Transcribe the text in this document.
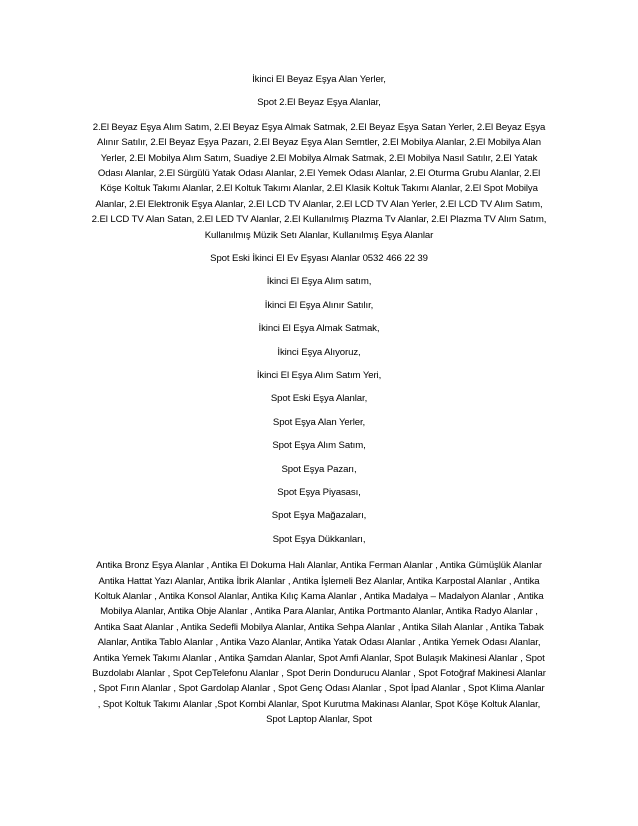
İkinci El Beyaz Eşya Alan Yerler,
Spot 2.El Beyaz Eşya Alanlar,
2.El Beyaz Eşya Alım Satım, 2.El Beyaz Eşya Almak Satmak, 2.El Beyaz Eşya Satan Yerler, 2.El Beyaz Eşya Alınır Satılır, 2.El Beyaz Eşya Pazarı, 2.El Beyaz Eşya Alan Semtler, 2.El Mobilya Alanlar, 2.El Mobilya Alan Yerler, 2.El Mobilya Alım Satım, Suadiye 2.El Mobilya Almak Satmak, 2.El Mobilya Nasıl Satılır, 2.El Yatak Odası Alanlar, 2.El Sürgülü Yatak Odası Alanlar, 2.El Yemek Odası Alanlar, 2.El Oturma Grubu Alanlar, 2.El Köşe Koltuk Takımı Alanlar, 2.El Koltuk Takımı Alanlar, 2.El Klasik Koltuk Takımı Alanlar, 2.El Spot Mobilya Alanlar, 2.El Elektronik Eşya Alanlar, 2.El LCD TV Alanlar, 2.El LCD TV Alan Yerler, 2.El LCD TV Alım Satım, 2.El LCD TV Alan Satan, 2.El LED TV Alanlar, 2.El Kullanılmış Plazma Tv Alanlar, 2.El Plazma TV Alım Satım, Kullanılmış Müzik Setı Alanlar, Kullanılmış Eşya Alanlar
Spot Eski İkinci El Ev Eşyası Alanlar 0532 466 22 39
İkinci El Eşya Alım satım,
İkinci El Eşya Alınır Satılır,
İkinci El Eşya Almak Satmak,
İkinci Eşya Alıyoruz,
İkinci El Eşya Alım Satım Yeri,
Spot Eski Eşya Alanlar,
Spot Eşya Alan Yerler,
Spot Eşya Alım Satım,
Spot Eşya Pazarı,
Spot Eşya Piyasası,
Spot Eşya Mağazaları,
Spot Eşya Dükkanları,
Antika Bronz Eşya Alanlar , Antika El Dokuma Halı Alanlar, Antika Ferman Alanlar , Antika Gümüşlük Alanlar Antika Hattat Yazı Alanlar, Antika İbrik Alanlar , Antika İşlemeli Bez Alanlar, Antika Karpostal Alanlar , Antika Koltuk Alanlar , Antika Konsol Alanlar, Antika Kılıç Kama Alanlar , Antika Madalya – Madalyon Alanlar , Antika Mobilya Alanlar, Antika Obje Alanlar , Antika Para Alanlar, Antika Portmanto Alanlar, Antika Radyo Alanlar , Antika Saat Alanlar , Antika Sedefli Mobilya Alanlar, Antika Sehpa Alanlar , Antika Silah Alanlar , Antika Tabak Alanlar, Antika Tablo Alanlar , Antika Vazo Alanlar, Antika Yatak Odası Alanlar , Antika Yemek Odası Alanlar, Antika Yemek Takımı Alanlar , Antika Şamdan Alanlar, Spot Amfi Alanlar, Spot Bulaşık Makinesi Alanlar , Spot Buzdolabı Alanlar , Spot CepTelefonu Alanlar , Spot Derin Dondurucu Alanlar , Spot Fotoğraf Makinesi Alanlar , Spot Fırın Alanlar , Spot Gardolap Alanlar , Spot Genç Odası Alanlar , Spot İpad Alanlar , Spot Klima Alanlar , Spot Koltuk Takımı Alanlar ,Spot Kombi Alanlar, Spot Kurutma Makinası Alanlar, Spot Köşe Koltuk Alanlar, Spot Laptop Alanlar, Spot
